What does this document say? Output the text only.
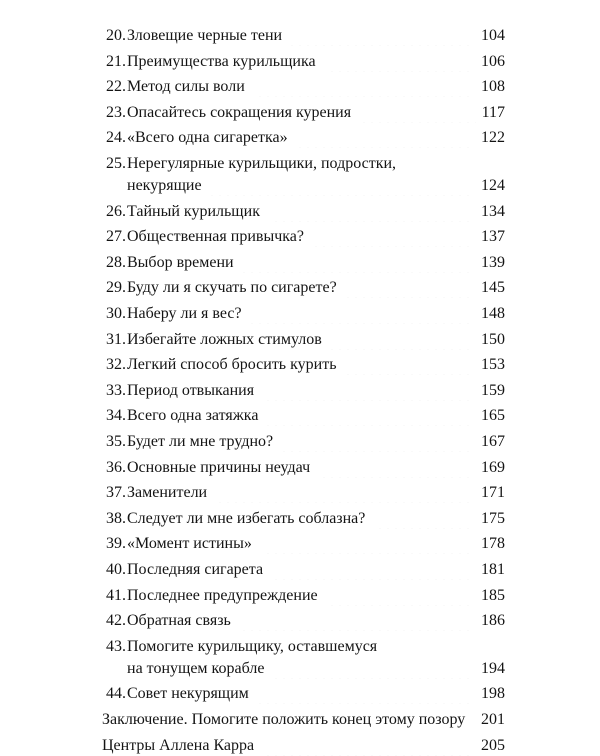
20. Зловещие черные тени	104
21. Преимущества курильщика	106
22. Метод силы воли	108
23. Опасайтесь сокращения курения	117
24. «Всего одна сигаретка»	122
25. Нерегулярные курильщики, подростки,
некурящие	124
26. Тайный курильщик	134
27. Общественная привычка?	137
28. Выбор времени	139
29. Буду ли я скучать по сигарете?	145
30. Наберу ли я вес?	148
31. Избегайте ложных стимулов	150
32. Легкий способ бросить курить	153
33. Период отвыкания	159
34. Всего одна затяжка	165
35. Будет ли мне трудно?	167
36. Основные причины неудач	169
37. Заменители	171
38. Следует ли мне избегать соблазна?	175
39. «Момент истины»	178
40. Последняя сигарета	181
41. Последнее предупреждение	185
42. Обратная связь	186
43. Помогите курильщику, оставшемуся
на тонущем корабле	194
44. Совет некурящим	198
Заключение. Помогите положить конец этому позору 201
Центры Аллена Карра	205
